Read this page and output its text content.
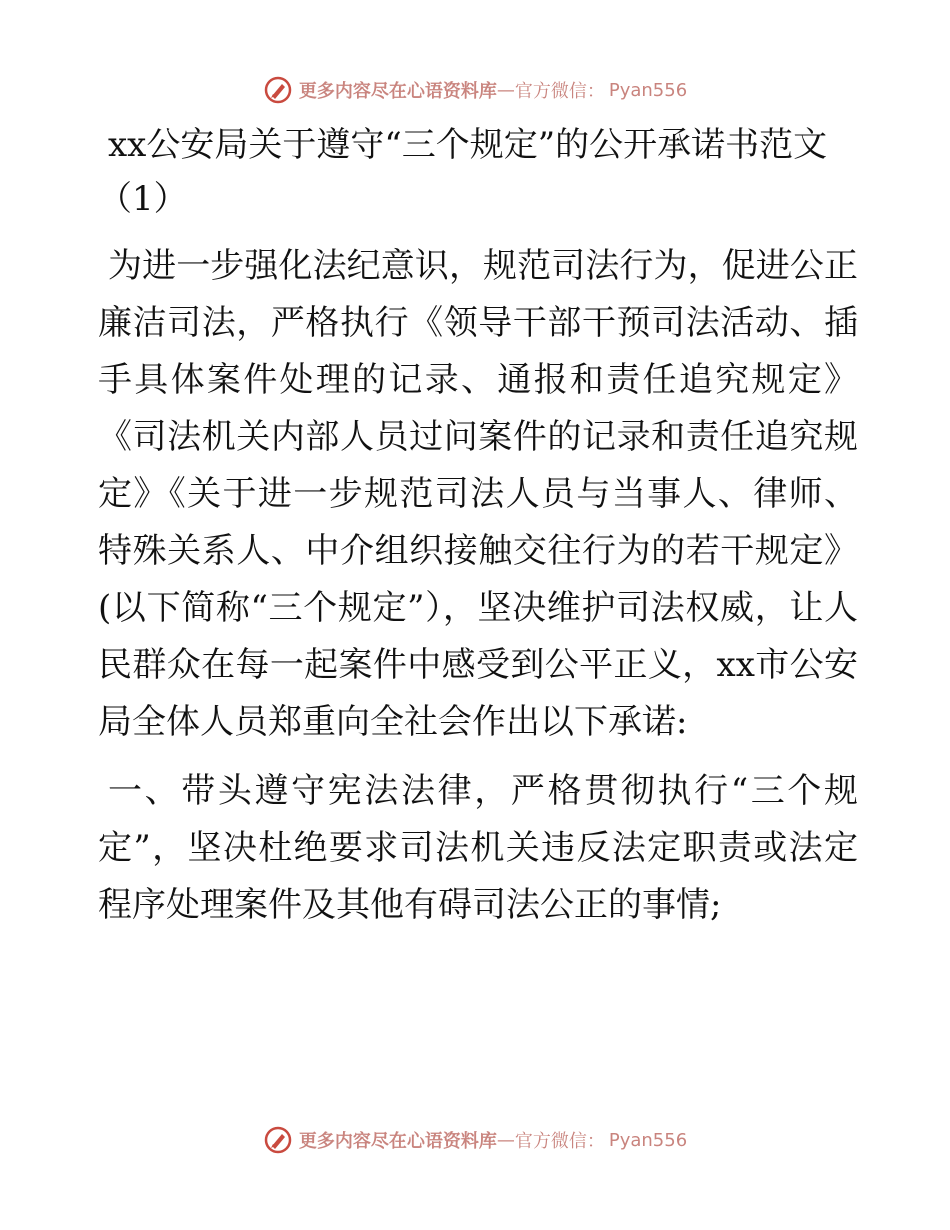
更多内容尽在心语资料库 — 官方微信 ： Pyan556
xx公安局关于遵守“三个规定”的公开承诺书范文（1）

为进一步强化法纪意识，规范司法行为，促进公正廉洁司法，严格执行《领导干部干预司法活动、插手具体案件处理的记录、通报和责任追究规定》《司法机关内部人员过问案件的记录和责任追究规定》《关于进一步规范司法人员与当事人、律师、特殊关系人、中介组织接触交往行为的若干规定》(以下简称“三个规定”），坚决维护司法权威，让人民群众在每一起案件中感受到公平正义，xx市公安局全体人员郑重向全社会作出以下承诺:

一、带头遵守宪法法律，严格贯彻执行“三个规定”，坚决杜绝要求司法机关违反法定职责或法定程序处理案件及其他有碍司法公正的事情;

更多内容尽在心语资料库 — 官方微信 ： Pyan556
